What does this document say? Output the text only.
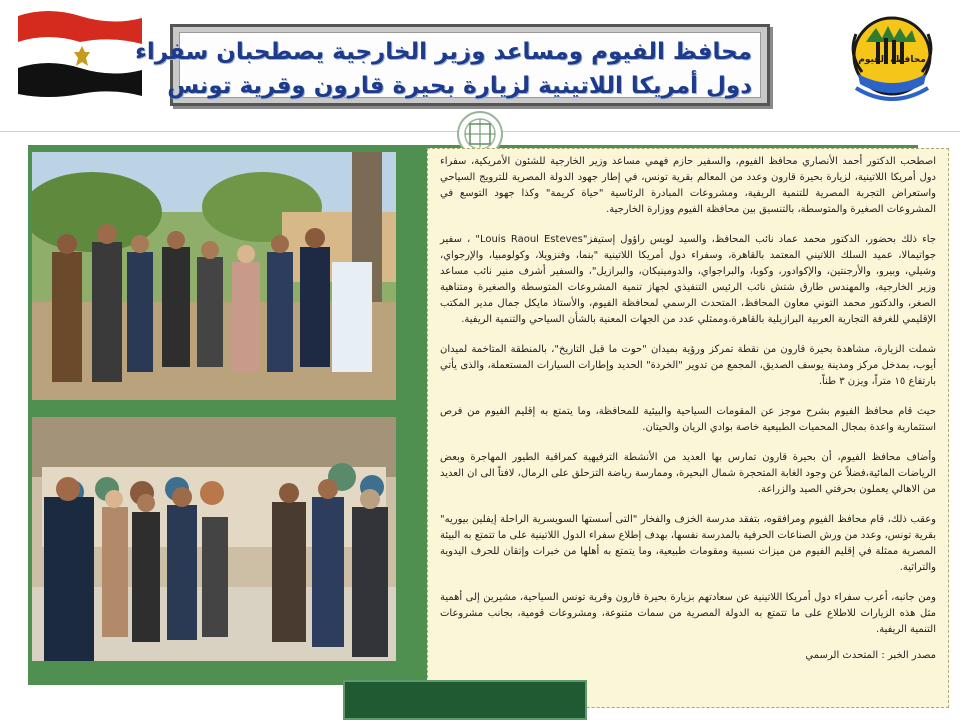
محافظ الفيوم ومساعد وزير الخارجية يصطحبان سفراء
دول أمريكا اللاتينية لزيارة بحيرة قارون وقرية تونس
محافظة الفيوم

اصطحب الدكتور أحمد الأنصاري محافظ الفيوم، والسفير حازم فهمي مساعد وزير الخارجية للشئون الأمريكية، سفراء دول أمريكا اللاتينية، لزيارة بحيرة قارون وعدد من المعالم بقرية تونس، في إطار جهود الدولة المصرية للترويج السياحي واستعراض التجربة المصرية للتنمية الريفية، ومشروعات المبادرة الرئاسية "حياة كريمة" وكذا جهود التوسع في المشروعات الصغيرة والمتوسطة، بالتنسيق بين محافظة الفيوم ووزارة الخارجية.

جاء ذلك بحضور، الدكتور محمد عماد نائب المحافظ، والسيد لويس راؤول إستيفز"Louis Raoul Esteves" ، سفير جواتيمالا، عميد السلك اللاتيني المعتمد بالقاهرة، وسفراء دول أمريكا اللاتينية "بنما، وفنزويلا، وكولومبيا، والإرجواي، وشيلي، وبيرو، والأرجنتين، والإكوادور، وكوبا، والبراجواي، والدومينيكان، والبرازيل"، والسفير أشرف منير نائب مساعد وزير الخارجية، والمهندس طارق شتش نائب الرئيس التنفيذي لجهاز تنمية المشروعات المتوسطة والصغيرة ومتناهية الصغر، والدكتور محمد التوني معاون المحافظ، المتحدث الرسمي لمحافظة الفيوم، والأستاذ مايكل جمال مدير المكتب الإقليمي للغرفة التجارية العربية البرازيلية بالقاهرة،وممثلي عدد من الجهات المعنية بالشأن السياحي والتنمية الريفية.

شملت الزيارة، مشاهدة بحيرة قارون من نقطة تمركز ورؤية بميدان "حوت ما قبل التاريخ"، بالمنطقة المتاخمة لميدان أيوب، بمدخل مركز ومدينة يوسف الصديق، المجمع من تدوير "الخردة" الحديد وإطارات السيارات المستعملة، والذى يأتي بارتفاع ١٥ متراً، ويزن ٣ طناً.

حيث قام محافظ الفيوم بشرح موجز عن المقومات السياحية والبيئية للمحافظة، وما يتمتع به إقليم الفيوم من فرص استثمارية واعدة بمجال المحميات الطبيعية خاصة بوادي الريان والحيتان.

وأضاف محافظ الفيوم، أن بحيرة قارون تمارس بها العديد من الأنشطة الترفيهية كمراقبة الطيور المهاجرة وبعض الرياضات المائية،فضلاً عن وجود الغابة المتحجرة شمال البحيرة، وممارسة رياضة التزحلق على الرمال، لافتاً الى ان العديد من الاهالي يعملون بحرفتي الصيد والزراعة.

وعقب ذلك، قام محافظ الفيوم ومرافقوه، بتفقد مدرسة الخزف والفخار "التى أسستها السويسرية الراحلة إيفلين بيوريه" بقرية تونس، وعدد من ورش الصناعات الحرفية بالمدرسة نفسها، بهدف إطلاع سفراء الدول اللاتينية على ما تتمتع به البيئة المصرية ممثلة في إقليم الفيوم من ميزات نسبية ومقومات طبيعية، وما يتمتع به أهلها من خبرات وإتقان للحرف اليدوية والتراثية.

ومن جانبه، أعرب سفراء دول أمريكا اللاتينية عن سعادتهم بزيارة بحيرة قارون وقرية تونس السياحية، مشيرين إلى أهمية مثل هذه الزيارات للاطلاع على ما تتمتع به الدولة المصرية من سمات متنوعة، ومشروعات قومية، بجانب مشروعات التنمية الريفية.

مصدر الخبر : المتحدث الرسمي
